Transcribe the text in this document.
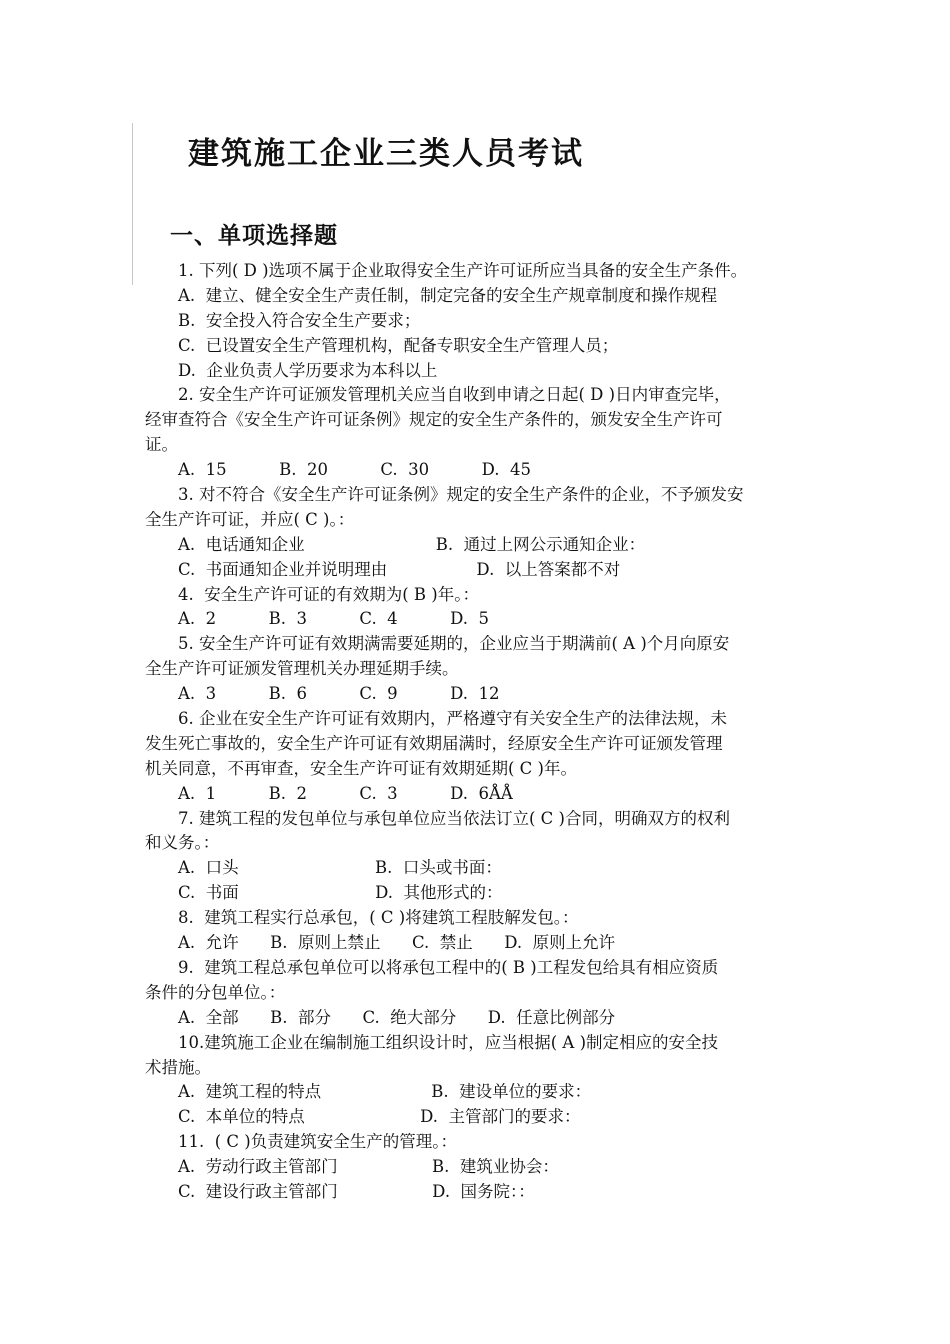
建筑施工企业三类人员考试
一、单项选择题
1. 下列( D )选项不属于企业取得安全生产许可证所应当具备的安全生产条件。
A.  建立、健全安全生产责任制，制定完备的安全生产规章制度和操作规程
B.  安全投入符合安全生产要求；
C.  已设置安全生产管理机构，配备专职安全生产管理人员；
D.  企业负责人学历要求为本科以上
2. 安全生产许可证颁发管理机关应当自收到申请之日起( D )日内审查完毕，
经审查符合《安全生产许可证条例》规定的安全生产条件的，颁发安全生产许可
证。
A.  15          B.  20          C.  30          D.  45
3. 对不符合《安全生产许可证条例》规定的安全生产条件的企业，不予颁发安
全生产许可证，并应( C )。：
A.  电话通知企业                         B.  通过上网公示通知企业：
C.  书面通知企业并说明理由                 D.  以上答案都不对
4.  安全生产许可证的有效期为( B )年。：
A.  2          B.  3          C.  4          D.  5
5. 安全生产许可证有效期满需要延期的，企业应当于期满前( A )个月向原安
全生产许可证颁发管理机关办理延期手续。
A.  3          B.  6          C.  9          D.  12
6. 企业在安全生产许可证有效期内，严格遵守有关安全生产的法律法规，未
发生死亡事故的，安全生产许可证有效期届满时，经原安全生产许可证颁发管理
机关同意，不再审查，安全生产许可证有效期延期( C )年。
A.  1          B.  2          C.  3          D.  6ÅÅ
7. 建筑工程的发包单位与承包单位应当依法订立( C )合同，明确双方的权利
和义务。：
A.  口头                          B.  口头或书面：
C.  书面                          D.  其他形式的：
8.  建筑工程实行总承包，( C )将建筑工程肢解发包。：
A.  允许      B.  原则上禁止      C.  禁止      D.  原则上允许
9.  建筑工程总承包单位可以将承包工程中的( B )工程发包给具有相应资质
条件的分包单位。：
A.  全部      B.  部分      C.  绝大部分      D.  任意比例部分
10.建筑施工企业在编制施工组织设计时，应当根据( A )制定相应的安全技
术措施。
A.  建筑工程的特点                     B.  建设单位的要求：
C.  本单位的特点                      D.  主管部门的要求：
11.  ( C )负责建筑安全生产的管理。：
A.  劳动行政主管部门                  B.  建筑业协会：
C.  建设行政主管部门                  D.  国务院：：
